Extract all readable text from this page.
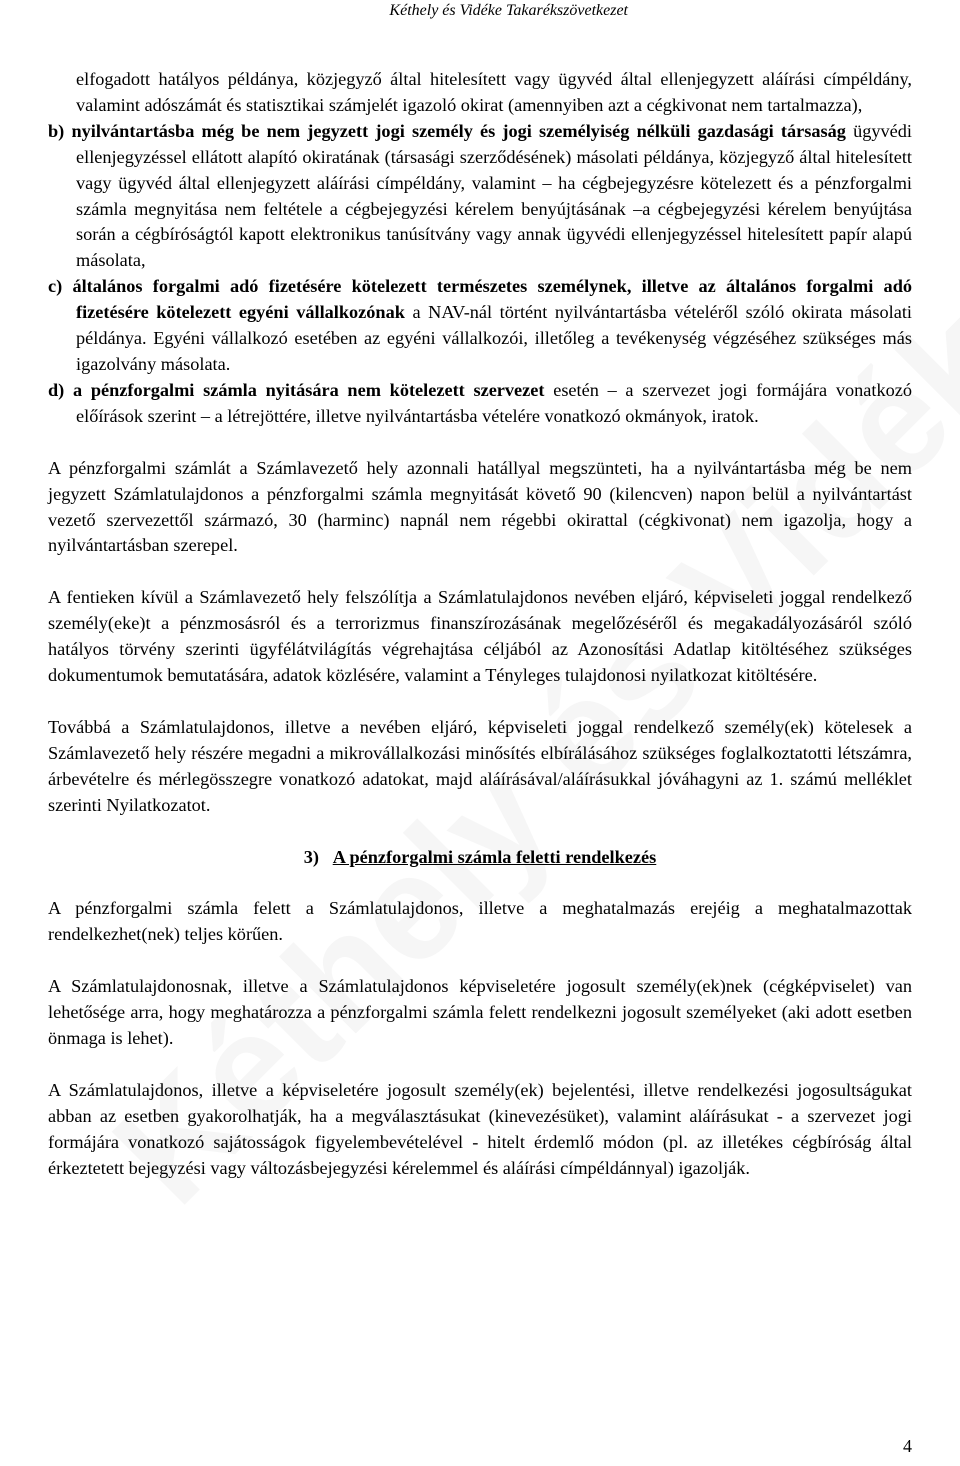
Kéthely és Vidéke Takarékszövetkezet

elfogadott hatályos példánya, közjegyző által hitelesített vagy ügyvéd által ellenjegyzett aláírási címpéldány, valamint adószámát és statisztikai számjelét igazoló okirat (amennyiben azt a cégkivonat nem tartalmazza),

b) nyilvántartásba még be nem jegyzett jogi személy és jogi személyiség nélküli gazdasági társaság ügyvédi ellenjegyzéssel ellátott alapító okiratának (társasági szerződésének) másolati példánya, közjegyző által hitelesített vagy ügyvéd által ellenjegyzett aláírási címpéldány, valamint – ha cégbejegyzésre kötelezett és a pénzforgalmi számla megnyitása nem feltétele a cégbejegyzési kérelem benyújtásának –a cégbejegyzési kérelem benyújtása során a cégbíróságtól kapott elektronikus tanúsítvány vagy annak ügyvédi ellenjegyzéssel hitelesített papír alapú másolata,

c) általános forgalmi adó fizetésére kötelezett természetes személynek, illetve az általános forgalmi adó fizetésére kötelezett egyéni vállalkozónak a NAV-nál történt nyilvántartásba vételéről szóló okirata másolati példánya. Egyéni vállalkozó esetében az egyéni vállalkozói, illetőleg a tevékenység végzéséhez szükséges más igazolvány másolata.

d) a pénzforgalmi számla nyitására nem kötelezett szervezet esetén – a szervezet jogi formájára vonatkozó előírások szerint – a létrejöttére, illetve nyilvántartásba vételére vonatkozó okmányok, iratok.

A pénzforgalmi számlát a Számlavezető hely azonnali hatállyal megszünteti, ha a nyilvántartásba még be nem jegyzett Számlatulajdonos a pénzforgalmi számla megnyitását követő 90 (kilencven) napon belül a nyilvántartást vezető szervezettől származó, 30 (harminc) napnál nem régebbi okirattal (cégkivonat) nem igazolja, hogy a nyilvántartásban szerepel.

A fentieken kívül a Számlavezető hely felszólítja a Számlatulajdonos nevében eljáró, képviseleti joggal rendelkező személy(eke)t a pénzmosásról és a terrorizmus finanszírozásának megelőzéséről és megakadályozásáról szóló hatályos törvény szerinti ügyfélátvilágítás végrehajtása céljából az Azonosítási Adatlap kitöltéséhez szükséges dokumentumok bemutatására, adatok közlésére, valamint a Tényleges tulajdonosi nyilatkozat kitöltésére.

Továbbá a Számlatulajdonos, illetve a nevében eljáró, képviseleti joggal rendelkező személy(ek) kötelesek a Számlavezető hely részére megadni a mikrovállalkozási minősítés elbírálásához szükséges foglalkoztatotti létszámra, árbevételre és mérlegösszegre vonatkozó adatokat, majd aláírásával/aláírásukkal jóváhagyni az 1. számú melléklet szerinti Nyilatkozatot.

3) A pénzforgalmi számla feletti rendelkezés

A pénzforgalmi számla felett a Számlatulajdonos, illetve a meghatalmazás erejéig a meghatalmazottak rendelkezhet(nek) teljes körűen.

A Számlatulajdonosnak, illetve a Számlatulajdonos képviseletére jogosult személy(ek)nek (cégképviselet) van lehetősége arra, hogy meghatározza a pénzforgalmi számla felett rendelkezni jogosult személyeket (aki adott esetben önmaga is lehet).

A Számlatulajdonos, illetve a képviseletére jogosult személy(ek) bejelentési, illetve rendelkezési jogosultságukat abban az esetben gyakorolhatják, ha a megválasztásukat (kinevezésüket), valamint aláírásukat - a szervezet jogi formájára vonatkozó sajátosságok figyelembevételével - hitelt érdemlő módon (pl. az illetékes cégbíróság által érkeztetett bejegyzési vagy változásbejegyzési kérelemmel és aláírási címpéldánnyal) igazolják.

4
